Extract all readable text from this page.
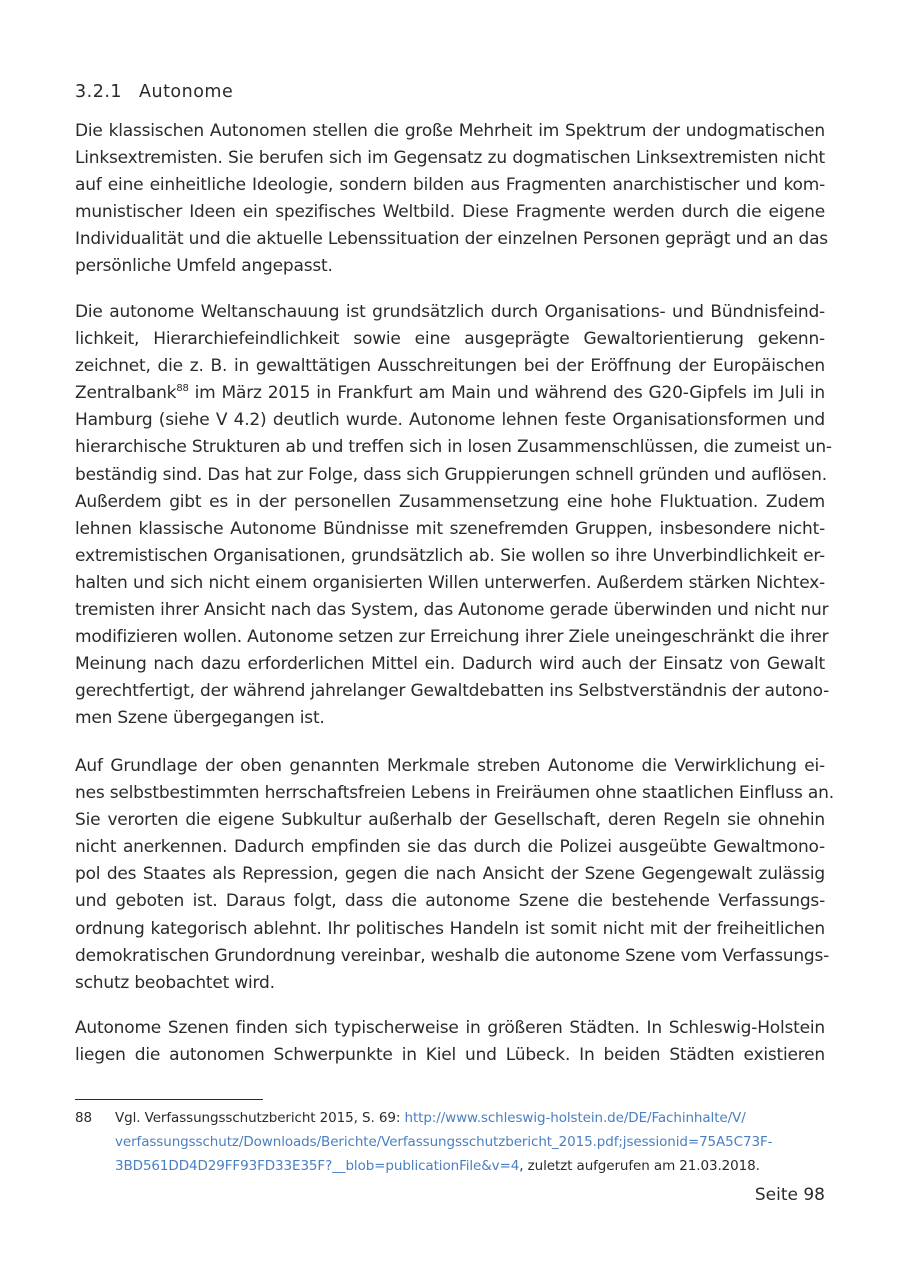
3.2.1 Autonome
Die klassischen Autonomen stellen die große Mehrheit im Spektrum der undogmatischen
Linksextremisten. Sie berufen sich im Gegensatz zu dogmatischen Linksextremisten nicht
auf eine einheitliche Ideologie, sondern bilden aus Fragmenten anarchistischer und kom-
munistischer Ideen ein spezifisches Weltbild. Diese Fragmente werden durch die eigene
Individualität und die aktuelle Lebenssituation der einzelnen Personen geprägt und an das
persönliche Umfeld angepasst.
Die autonome Weltanschauung ist grundsätzlich durch Organisations- und Bündnisfeind-
lichkeit, Hierarchiefeindlichkeit sowie eine ausgeprägte Gewaltorientierung gekenn-
zeichnet, die z. B. in gewalttätigen Ausschreitungen bei der Eröffnung der Europäischen
Zentralbank$^{88}$ im März 2015 in Frankfurt am Main und während des G20-Gipfels im Juli in
Hamburg (siehe V 4.2) deutlich wurde. Autonome lehnen feste Organisationsformen und
hierarchische Strukturen ab und treffen sich in losen Zusammenschlüssen, die zumeist un-
beständig sind. Das hat zur Folge, dass sich Gruppierungen schnell gründen und auflösen.
Außerdem gibt es in der personellen Zusammensetzung eine hohe Fluktuation. Zudem
lehnen klassische Autonome Bündnisse mit szenefremden Gruppen, insbesondere nicht-
extremistischen Organisationen, grundsätzlich ab. Sie wollen so ihre Unverbindlichkeit er-
halten und sich nicht einem organisierten Willen unterwerfen. Außerdem stärken Nichtex-
tremisten ihrer Ansicht nach das System, das Autonome gerade überwinden und nicht nur
modifizieren wollen. Autonome setzen zur Erreichung ihrer Ziele uneingeschränkt die ihrer
Meinung nach dazu erforderlichen Mittel ein. Dadurch wird auch der Einsatz von Gewalt
gerechtfertigt, der während jahrelanger Gewaltdebatten ins Selbstverständnis der autono-
men Szene übergegangen ist.
Auf Grundlage der oben genannten Merkmale streben Autonome die Verwirklichung ei-
nes selbstbestimmten herrschaftsfreien Lebens in Freiräumen ohne staatlichen Einfluss an.
Sie verorten die eigene Subkultur außerhalb der Gesellschaft, deren Regeln sie ohnehin
nicht anerkennen. Dadurch empfinden sie das durch die Polizei ausgeübte Gewaltmono-
pol des Staates als Repression, gegen die nach Ansicht der Szene Gegengewalt zulässig
und geboten ist. Daraus folgt, dass die autonome Szene die bestehende Verfassungs-
ordnung kategorisch ablehnt. Ihr politisches Handeln ist somit nicht mit der freiheitlichen
demokratischen Grundordnung vereinbar, weshalb die autonome Szene vom Verfassungs-
schutz beobachtet wird.
Autonome Szenen finden sich typischerweise in größeren Städten. In Schleswig-Holstein
liegen die autonomen Schwerpunkte in Kiel und Lübeck. In beiden Städten existieren
88 Vgl. Verfassungsschutzbericht 2015, S. 69: http://www.schleswig-holstein.de/DE/Fachinhalte/V/
verfassungsschutz/Downloads/Berichte/Verfassungsschutzbericht_2015.pdf;jsessionid=75A5C73F-
3BD561DD4D29FF93FD33E35F?__blob=publicationFile&v=4, zuletzt aufgerufen am 21.03.2018.
Seite 98
